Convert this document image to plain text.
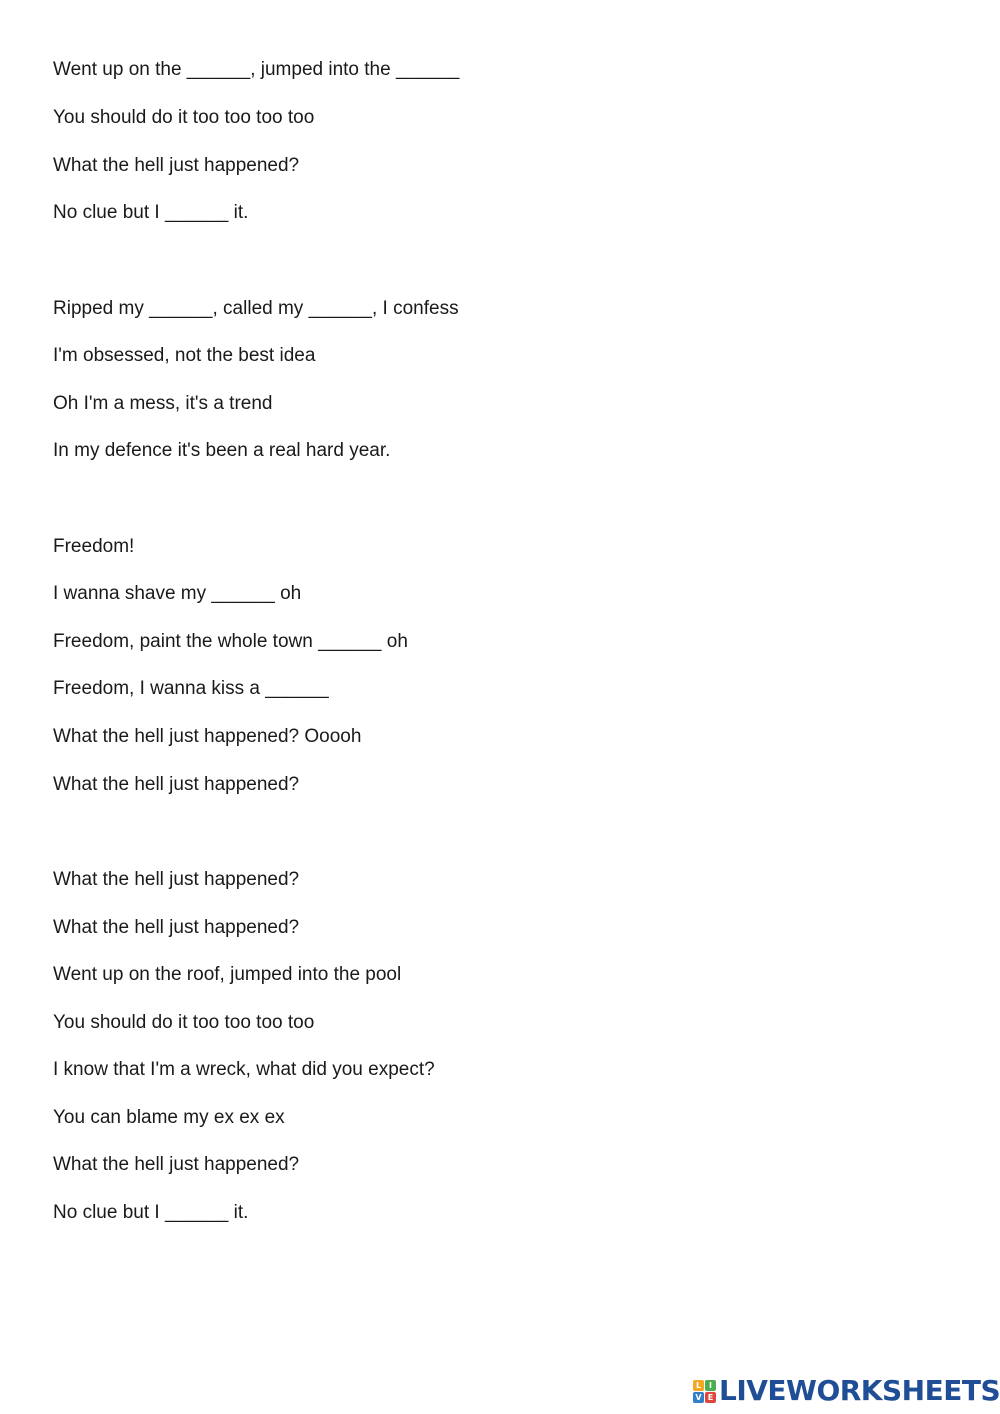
Went up on the ______, jumped into the ______
You should do it too too too too
What the hell just happened?
No clue but I ______ it.
Ripped my ______, called my ______, I confess
I'm obsessed, not the best idea
Oh I'm a mess, it's a trend
In my defence it's been a real hard year.
Freedom!
I wanna shave my ______ oh
Freedom, paint the whole town ______ oh
Freedom, I wanna kiss a ______
What the hell just happened? Ooooh
What the hell just happened?
What the hell just happened?
What the hell just happened?
Went up on the roof, jumped into the pool
You should do it too too too too
I know that I'm a wreck, what did you expect?
You can blame my ex ex ex
What the hell just happened?
No clue but I ______ it.
L I
V E LIVEWORKSHEETS
